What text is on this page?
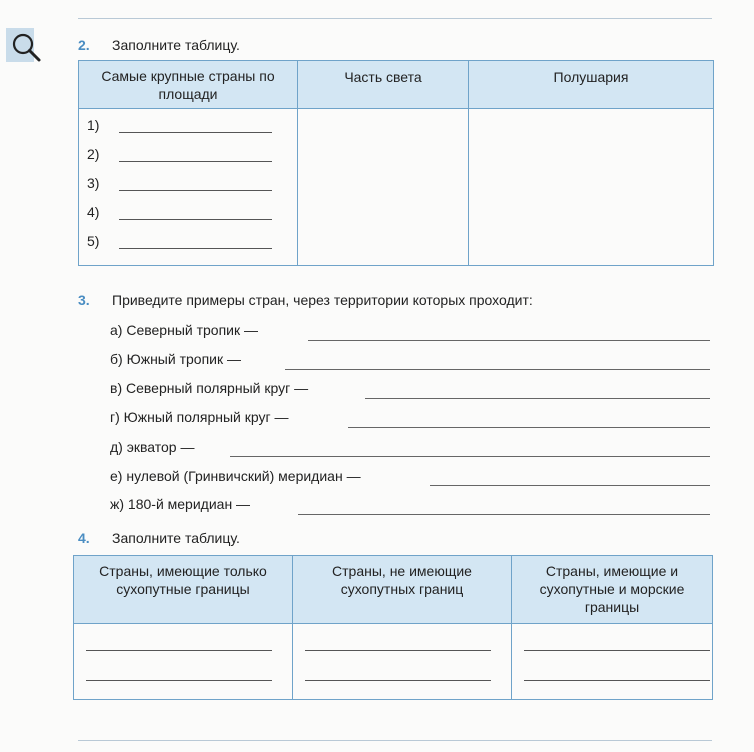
2. Заполните таблицу.
Самые крупные страны по площади	Часть света	Полушария

1)
2)
3)
4)
5)		

3. Приведите примеры стран, через территории которых проходит:
а) Северный тропик —
б) Южный тропик —
в) Северный полярный круг —
г) Южный полярный круг —
д) экватор —
е) нулевой (Гринвичский) меридиан —
ж) 180-й меридиан —
4. Заполните таблицу.
Страны, имеющие только сухопутные границы	Страны, не имеющие сухопутных границ	Страны, имеющие и сухопутные и морские границы
